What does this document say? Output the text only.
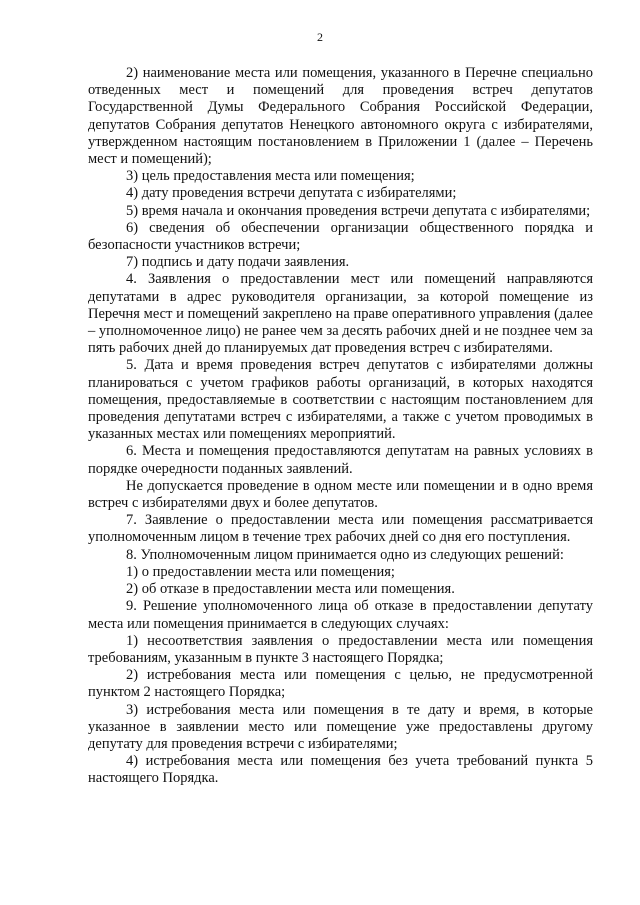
2

2) наименование места или помещения, указанного в Перечне специально отведенных мест и помещений для проведения встреч депутатов Государственной Думы Федерального Собрания Российской Федерации, депутатов Собрания депутатов Ненецкого автономного округа с избирателями, утвержденном настоящим постановлением в Приложении 1 (далее – Перечень мест и помещений);

3) цель предоставления места или помещения;

4) дату проведения встречи депутата с избирателями;

5) время начала и окончания проведения встречи депутата с избирателями;

6) сведения об обеспечении организации общественного порядка и безопасности участников встречи;

7) подпись и дату подачи заявления.

4. Заявления о предоставлении мест или помещений направляются депутатами в адрес руководителя организации, за которой помещение из Перечня мест и помещений закреплено на праве оперативного управления (далее – уполномоченное лицо) не ранее чем за десять рабочих дней и не позднее чем за пять рабочих дней до планируемых дат проведения встреч с избирателями.

5. Дата и время проведения встреч депутатов с избирателями должны планироваться с учетом графиков работы организаций, в которых находятся помещения, предоставляемые в соответствии с настоящим постановлением для проведения депутатами встреч с избирателями, а также с учетом проводимых в указанных местах или помещениях мероприятий.

6. Места и помещения предоставляются депутатам на равных условиях в порядке очередности поданных заявлений.

Не допускается проведение в одном месте или помещении и в одно время встреч с избирателями двух и более депутатов.

7. Заявление о предоставлении места или помещения рассматривается уполномоченным лицом в течение трех рабочих дней со дня его поступления.

8. Уполномоченным лицом принимается одно из следующих решений:

1) о предоставлении места или помещения;

2) об отказе в предоставлении места или помещения.

9. Решение уполномоченного лица об отказе в предоставлении депутату места или помещения принимается в следующих случаях:

1) несоответствия заявления о предоставлении места или помещения требованиям, указанным в пункте 3 настоящего Порядка;

2) истребования места или помещения с целью, не предусмотренной пунктом 2 настоящего Порядка;

3) истребования места или помещения в те дату и время, в которые указанное в заявлении место или помещение уже предоставлены другому депутату для проведения встречи с избирателями;

4) истребования места или помещения без учета требований пункта 5 настоящего Порядка.
